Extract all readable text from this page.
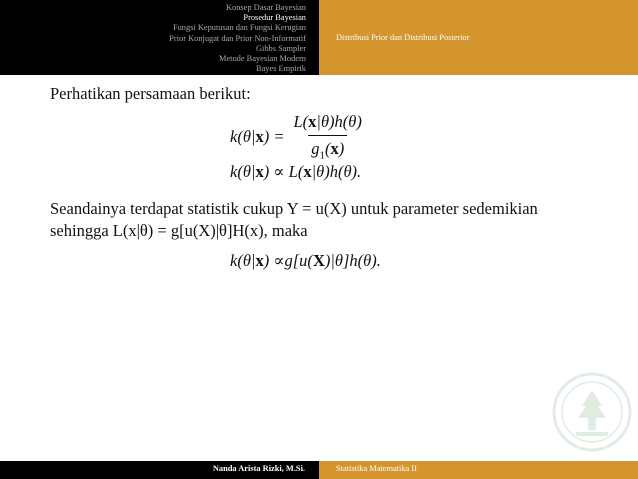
Konsep Dasar Bayesian
Prosedur Bayesian
Fungsi Keputusan dan Fungsi Kerugian
Prior Konjugat dan Prior Non-Informatif
Gibbs Sampler
Metode Bayesian Modern
Bayes Empirik
Distribusi Prior dan Distribusi Posterior
Perhatikan persamaan berikut:
$k(\theta|x) = \frac{L(x|\theta)h(\theta)}{g_1(x)}$
k(θ|x) ∝ L(x|θ)h(θ).
Seandainya terdapat statistik cukup Y = u(X) untuk parameter sedemikian
sehingga L(x|θ) = g[u(X)|θ]H(x), maka
k(θ|x) ∝g[u(X)|θ]h(θ).
Nanda Arista Rizki, M.Si.	Statistika Matematika II
